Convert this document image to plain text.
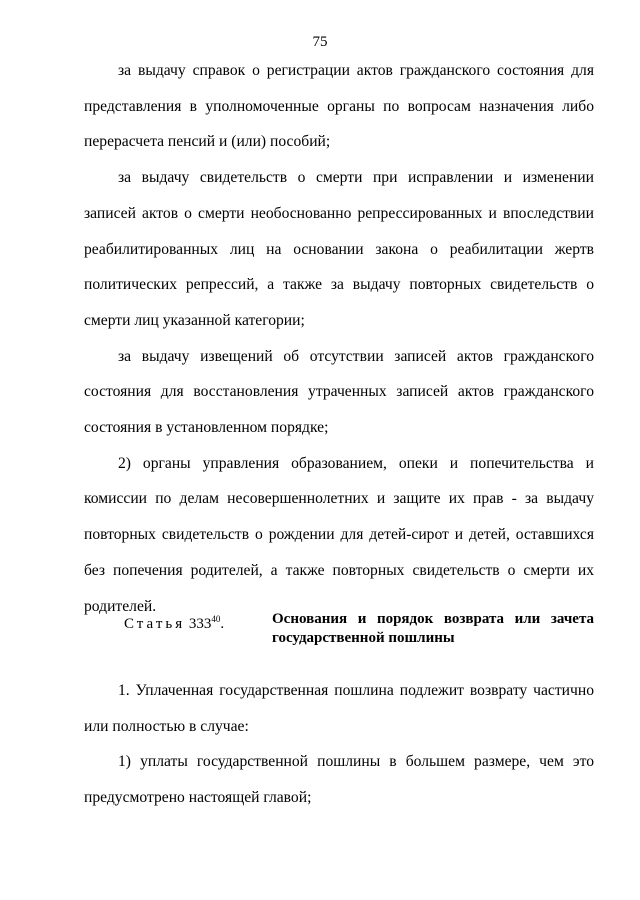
75

за выдачу справок о регистрации актов гражданского состояния для представления в уполномоченные органы по вопросам назначения либо перерасчета пенсий и (или) пособий;

за выдачу свидетельств о смерти при исправлении и изменении записей актов о смерти необоснованно репрессированных и впоследствии реабилитированных лиц на основании закона о реабилитации жертв политических репрессий, а также за выдачу повторных свидетельств о смерти лиц указанной категории;

за выдачу извещений об отсутствии записей актов гражданского состояния для восстановления утраченных записей актов гражданского состояния в установленном порядке;

2) органы управления образованием, опеки и попечительства и комиссии по делам несовершеннолетних и защите их прав - за выдачу повторных свидетельств о рождении для детей-сирот и детей, оставшихся без попечения родителей, а также повторных свидетельств о смерти их родителей.

Статья $333^{40}$.	Основания и порядок возврата или зачета государственной пошлины

1. Уплаченная государственная пошлина подлежит возврату частично или полностью в случае:

1) уплаты государственной пошлины в большем размере, чем это предусмотрено настоящей главой;
